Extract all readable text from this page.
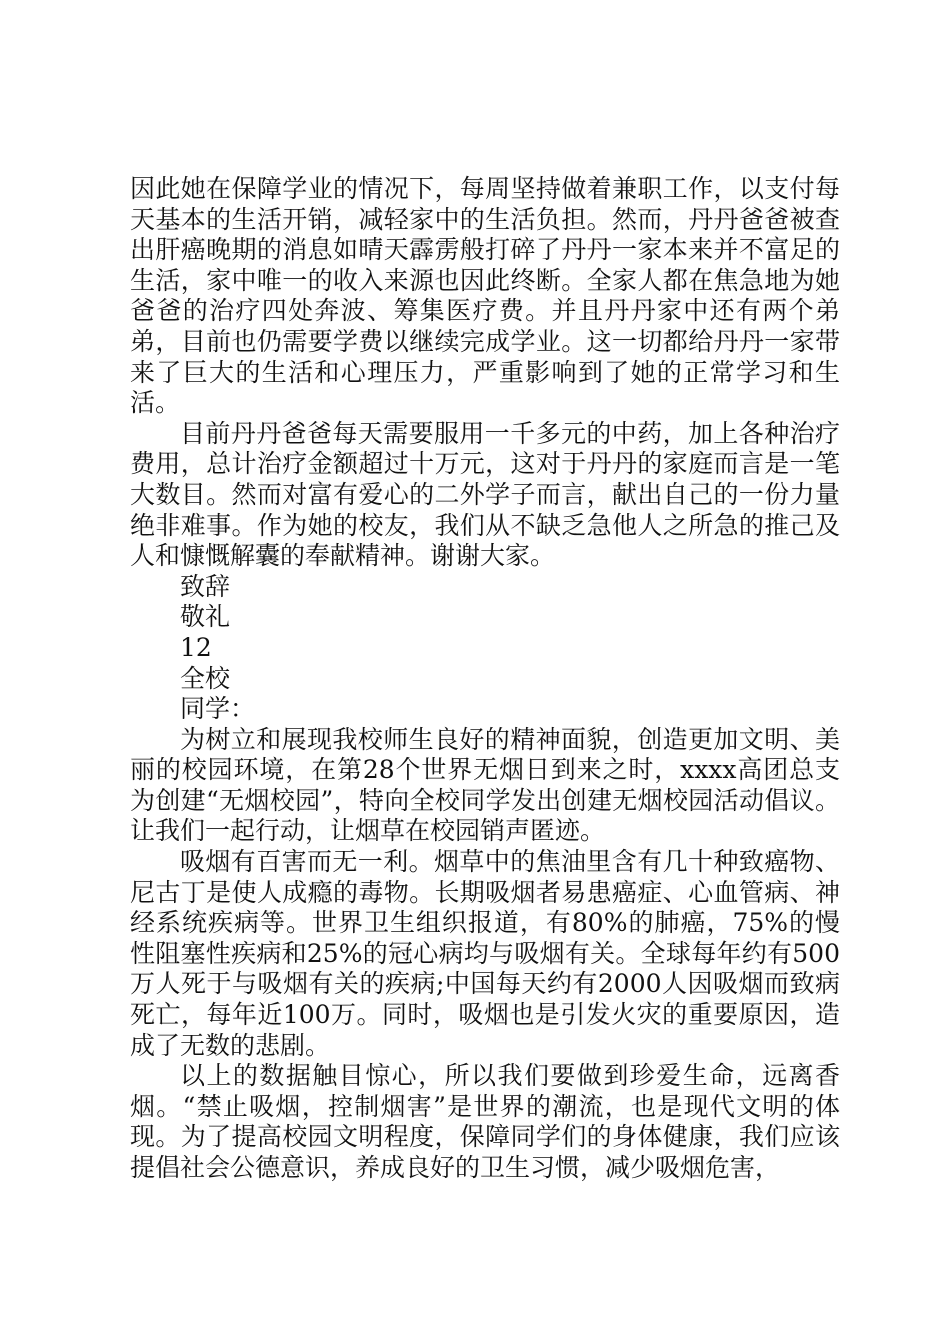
因此她在保障学业的情况下，每周坚持做着兼职工作，以支付每天基本的生活开销，减轻家中的生活负担。然而，丹丹爸爸被查出肝癌晚期的消息如晴天霹雳般打碎了丹丹一家本来并不富足的生活，家中唯一的收入来源也因此终断。全家人都在焦急地为她爸爸的治疗四处奔波、筹集医疗费。并且丹丹家中还有两个弟弟，目前也仍需要学费以继续完成学业。这一切都给丹丹一家带来了巨大的生活和心理压力，严重影响到了她的正常学习和生活。

目前丹丹爸爸每天需要服用一千多元的中药，加上各种治疗费用，总计治疗金额超过十万元，这对于丹丹的家庭而言是一笔大数目。然而对富有爱心的二外学子而言，献出自己的一份力量绝非难事。作为她的校友，我们从不缺乏急他人之所急的推己及人和慷慨解囊的奉献精神。谢谢大家。

致辞

敬礼

12

全校

同学：

为树立和展现我校师生良好的精神面貌，创造更加文明、美丽的校园环境，在第28个世界无烟日到来之时，xxxx高团总支为创建“无烟校园”，特向全校同学发出创建无烟校园活动倡议。让我们一起行动，让烟草在校园销声匿迹。

吸烟有百害而无一利。烟草中的焦油里含有几十种致癌物、尼古丁是使人成瘾的毒物。长期吸烟者易患癌症、心血管病、神经系统疾病等。世界卫生组织报道，有80%的肺癌，75%的慢性阻塞性疾病和25%的冠心病均与吸烟有关。全球每年约有500万人死于与吸烟有关的疾病;中国每天约有2000人因吸烟而致病死亡，每年近100万。同时，吸烟也是引发火灾的重要原因，造成了无数的悲剧。

以上的数据触目惊心，所以我们要做到珍爱生命，远离香烟。“禁止吸烟，控制烟害”是世界的潮流，也是现代文明的体现。为了提高校园文明程度，保障同学们的身体健康，我们应该提倡社会公德意识，养成良好的卫生习惯，减少吸烟危害，
